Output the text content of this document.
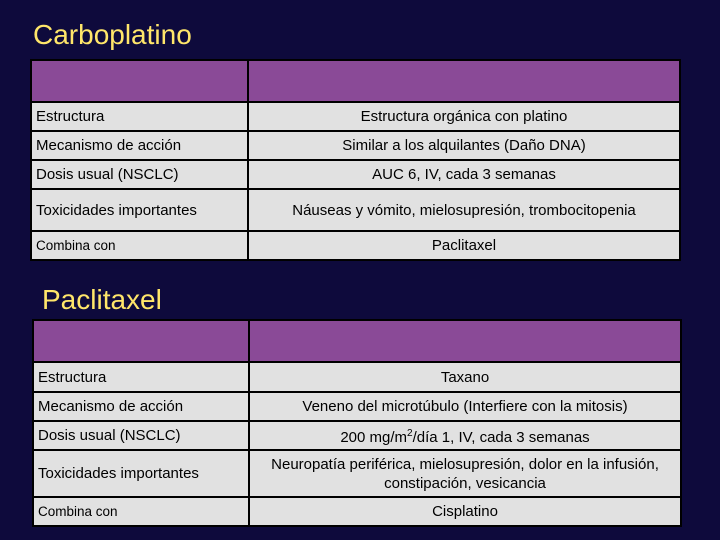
Carboplatino

Estructura	Estructura orgánica con platino
Mecanismo de acción	Similar a los alquilantes (Daño DNA)
Dosis usual (NSCLC)	AUC 6, IV, cada 3 semanas
Toxicidades importantes	Náuseas y vómito, mielosupresión, trombocitopenia
Combina con	Paclitaxel
Paclitaxel

Estructura	Taxano
Mecanismo de acción	Veneno del microtúbulo (Interfiere con la mitosis)
Dosis usual (NSCLC)	200 $mg/m^2$/día 1, IV, cada 3 semanas
Toxicidades importantes	Neuropatía periférica, mielosupresión, dolor en la infusión, constipación, vesicancia
Combina con	Cisplatino
